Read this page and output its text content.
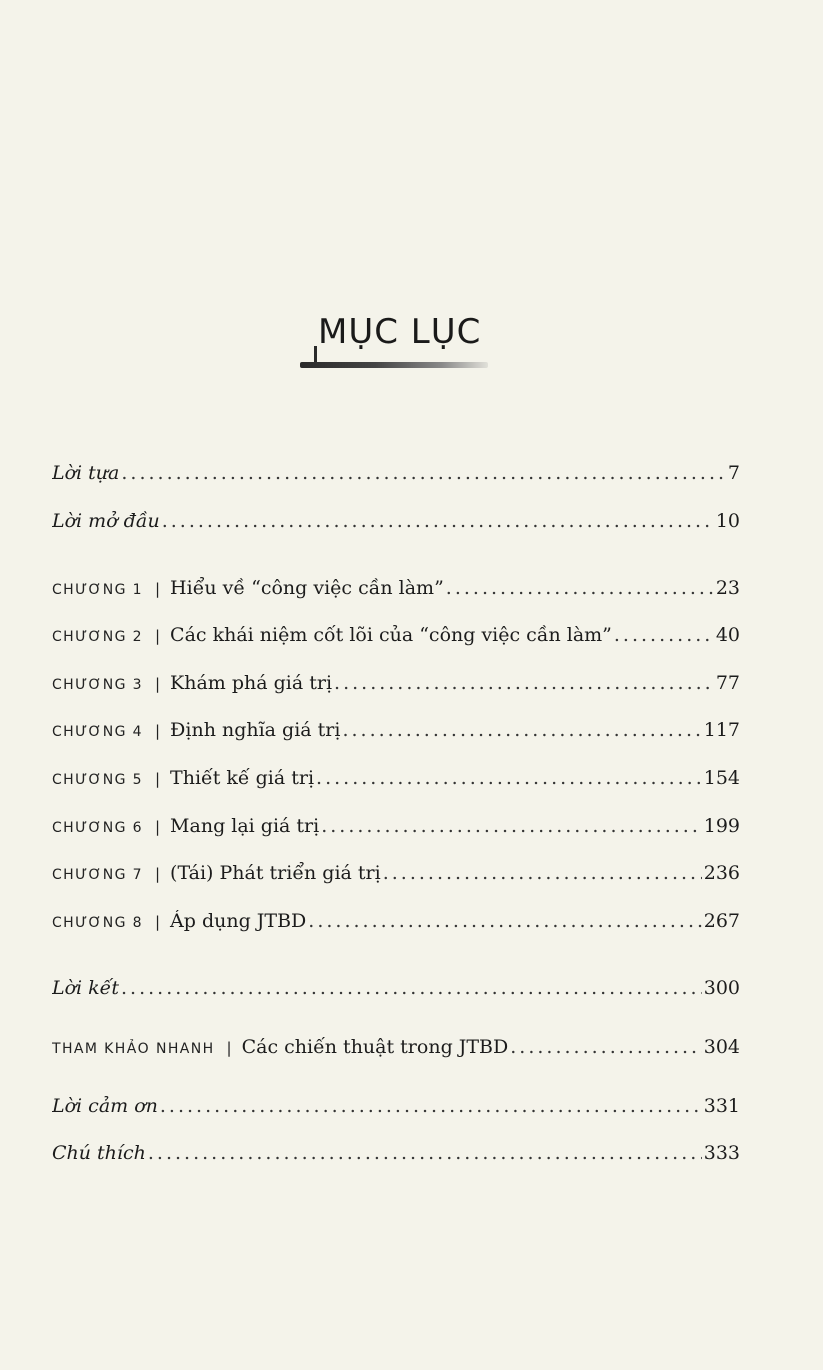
MỤC LỤC
Lời tựa .....	7
Lời mở đầu .....	10
CHƯƠNG 1 | Hiểu về “công việc cần làm” .....	23
CHƯƠNG 2 | Các khái niệm cốt lõi của “công việc cần làm” .....	40
CHƯƠNG 3 | Khám phá giá trị .....	77
CHƯƠNG 4 | Định nghĩa giá trị .....	117
CHƯƠNG 5 | Thiết kế giá trị .....	154
CHƯƠNG 6 | Mang lại giá trị .....	199
CHƯƠNG 7 | (Tái) Phát triển giá trị .....	236
CHƯƠNG 8 | Áp dụng JTBD .....	267
Lời kết .....	300
THAM KHẢO NHANH | Các chiến thuật trong JTBD .....	304
Lời cảm ơn .....	331
Chú thích .....	333
